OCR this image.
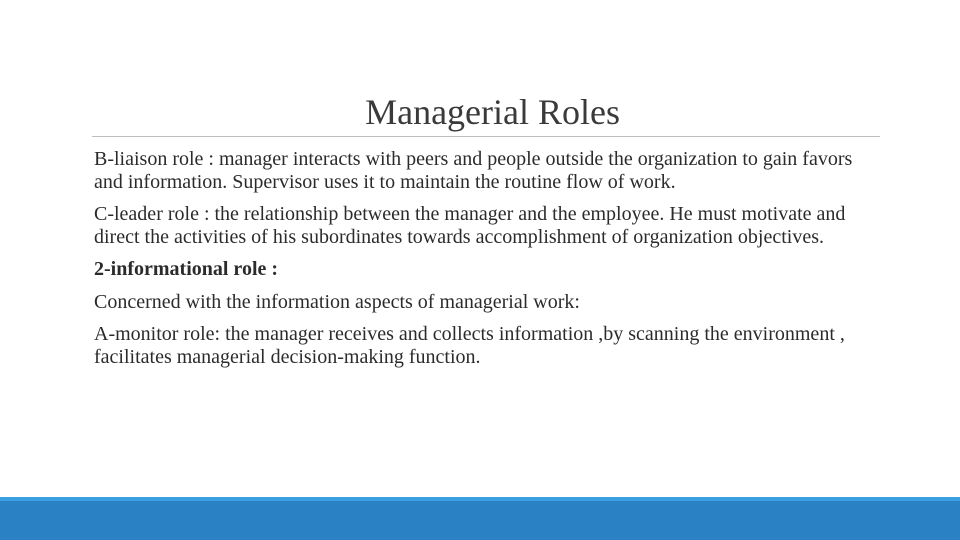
Managerial Roles

B-liaison role : manager interacts with peers and people outside the organization to gain favors and information. Supervisor uses it to maintain the routine flow of work.

C-leader role : the relationship between the manager and the employee. He must motivate and direct the activities of his subordinates towards accomplishment of organization objectives.

2-informational role :

Concerned with the information aspects of managerial work:

A-monitor role: the manager receives and collects information ,by scanning the environment , facilitates managerial decision-making function.
